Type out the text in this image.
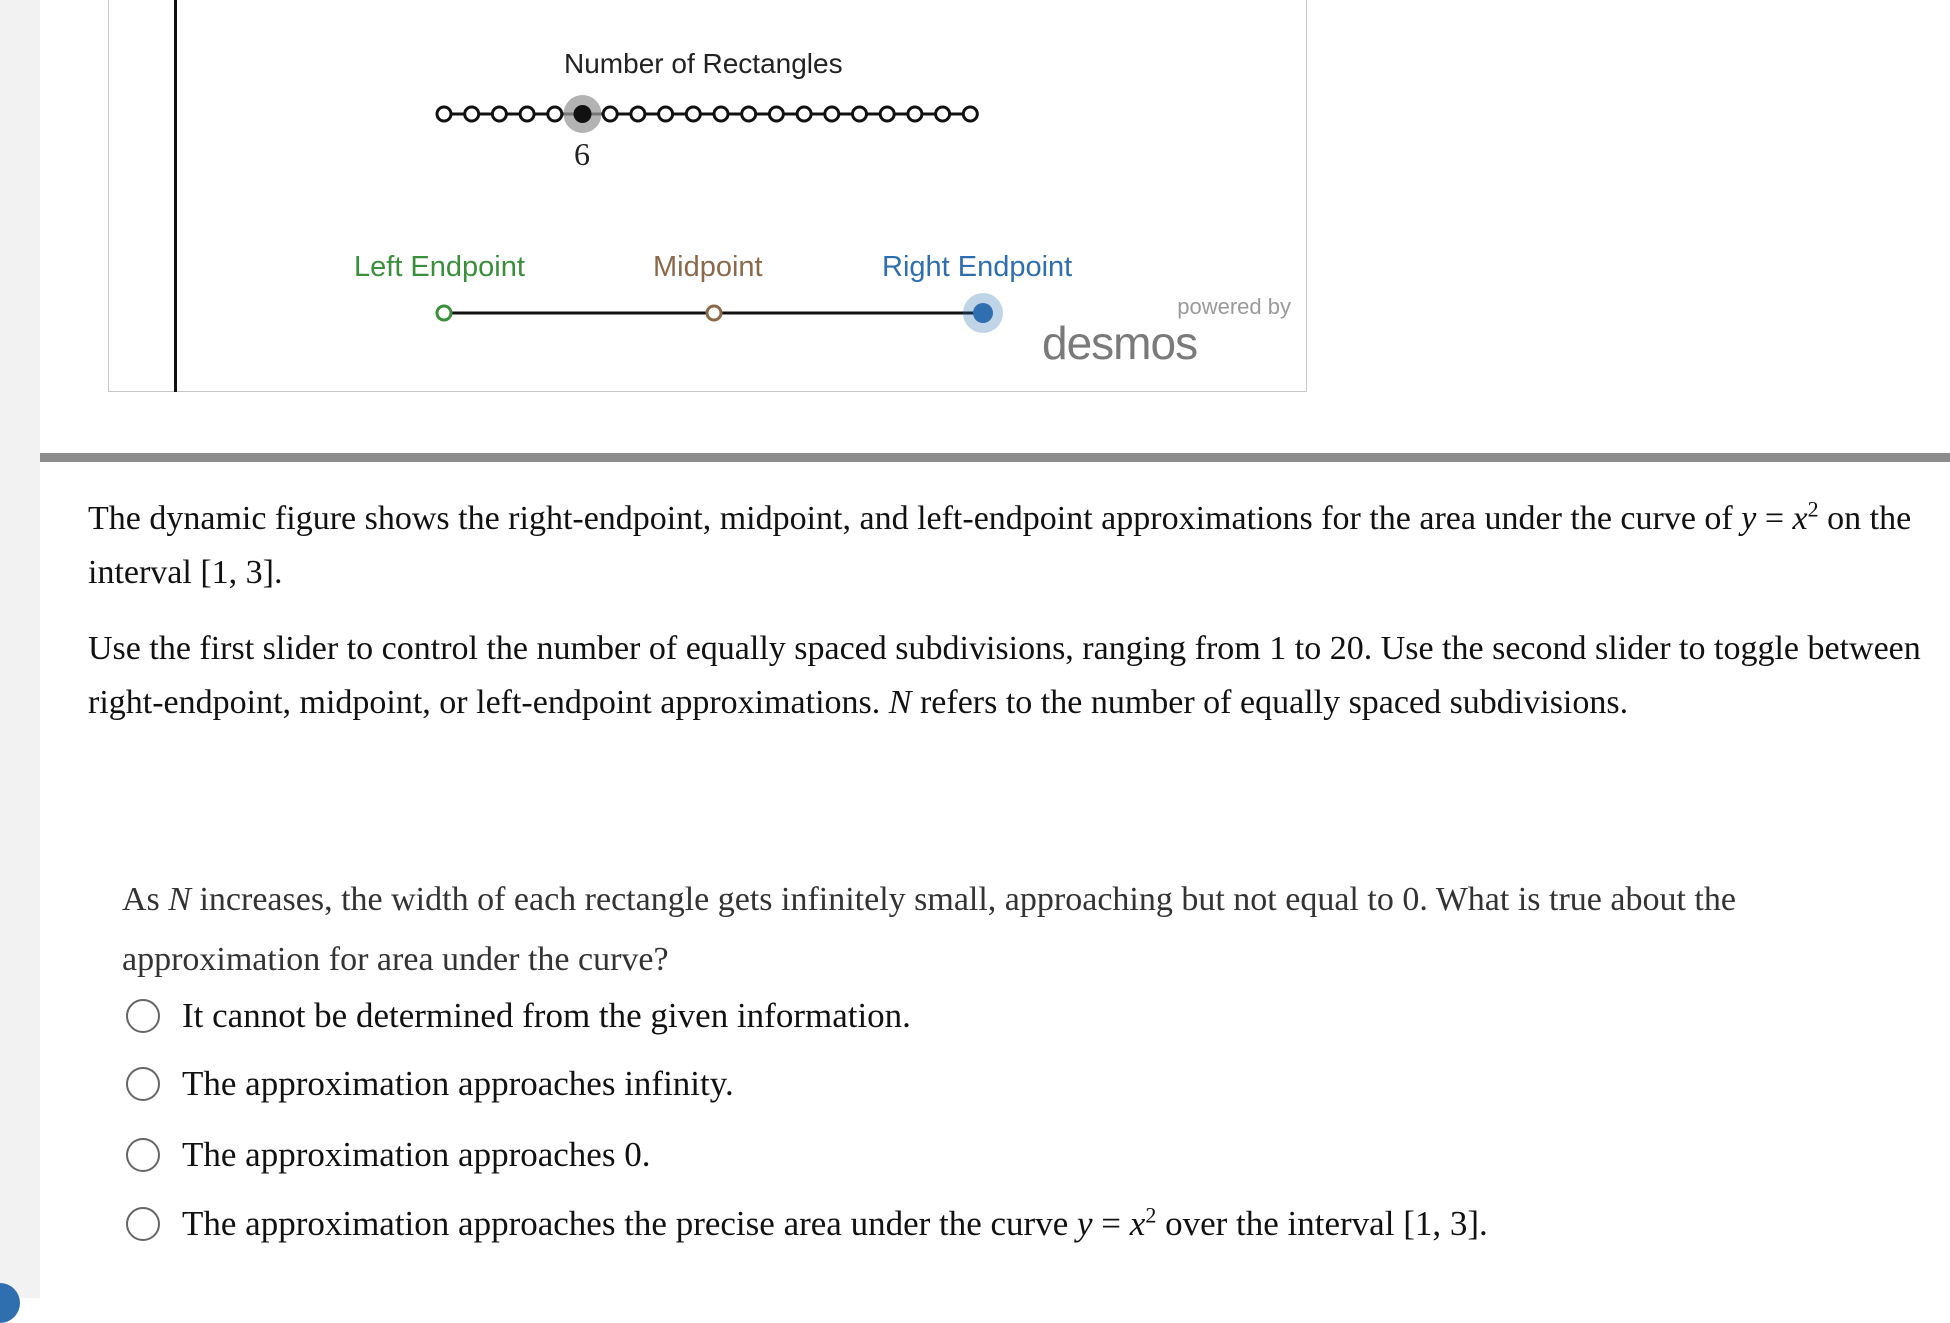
Number of Rectangles
6
Left Endpoint	Midpoint	Right Endpoint
powered by
desmos
The dynamic figure shows the right-endpoint, midpoint, and left-endpoint approximations for the area under the curve of $y = x^2$ on the interval [1, 3].
Use the first slider to control the number of equally spaced subdivisions, ranging from 1 to 20. Use the second slider to toggle between right-endpoint, midpoint, or left-endpoint approximations. N refers to the number of equally spaced subdivisions.
As N increases, the width of each rectangle gets infinitely small, approaching but not equal to 0. What is true about the approximation for area under the curve?
It cannot be determined from the given information.
The approximation approaches infinity.
The approximation approaches 0.
The approximation approaches the precise area under the curve $y = x^2$ over the interval [1, 3].
